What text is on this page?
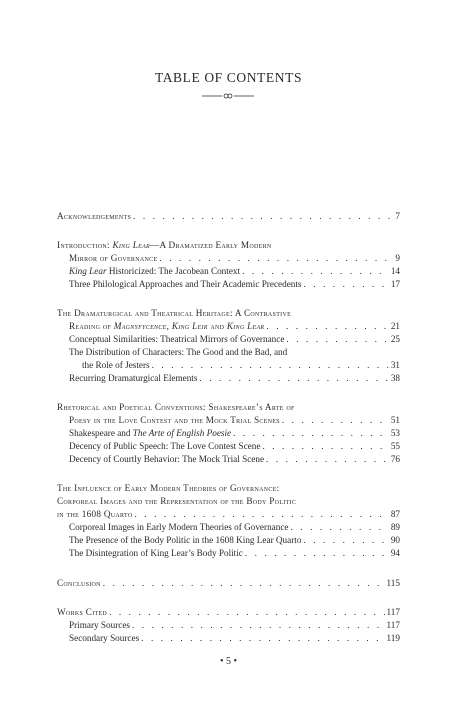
TABLE OF CONTENTS
Acknowledgements . . .	7
Introduction: King Lear—A Dramatized Early Modern
Mirror of Governance . . .	9
King Lear Historicized: The Jacobean Context . . .	14
Three Philological Approaches and Their Academic Precedents . . .	17
The Dramaturgical and Theatrical Heritage: A Contrastive
Reading of Magnyfycence, King Leir and King Lear . . .	21
Conceptual Similarities: Theatrical Mirrors of Governance . . .	25
The Distribution of Characters: The Good and the Bad, and
the Role of Jesters . . .	31
Recurring Dramaturgical Elements . . .	38
Rhetorical and Poetical Conventions: Shakespeare’s Arte of
Poesy in the Love Contest and the Mock Trial Scenes . . .	51
Shakespeare and The Arte of English Poesie . . .	53
Decency of Public Speech: The Love Contest Scene . . .	55
Decency of Courtly Behavior: The Mock Trial Scene . . .	76
The Influence of Early Modern Theories of Governance:
Corporeal Images and the Representation of the Body Politic
in the 1608 Quarto . . .	87
Corporeal Images in Early Modern Theories of Governance . . .	89
The Presence of the Body Politic in the 1608 King Lear Quarto . . .	90
The Disintegration of King Lear’s Body Politic . . .	94
Conclusion . . .	115
Works Cited . . .	117
Primary Sources . . .	117
Secondary Sources . . .	119
• 5 •
